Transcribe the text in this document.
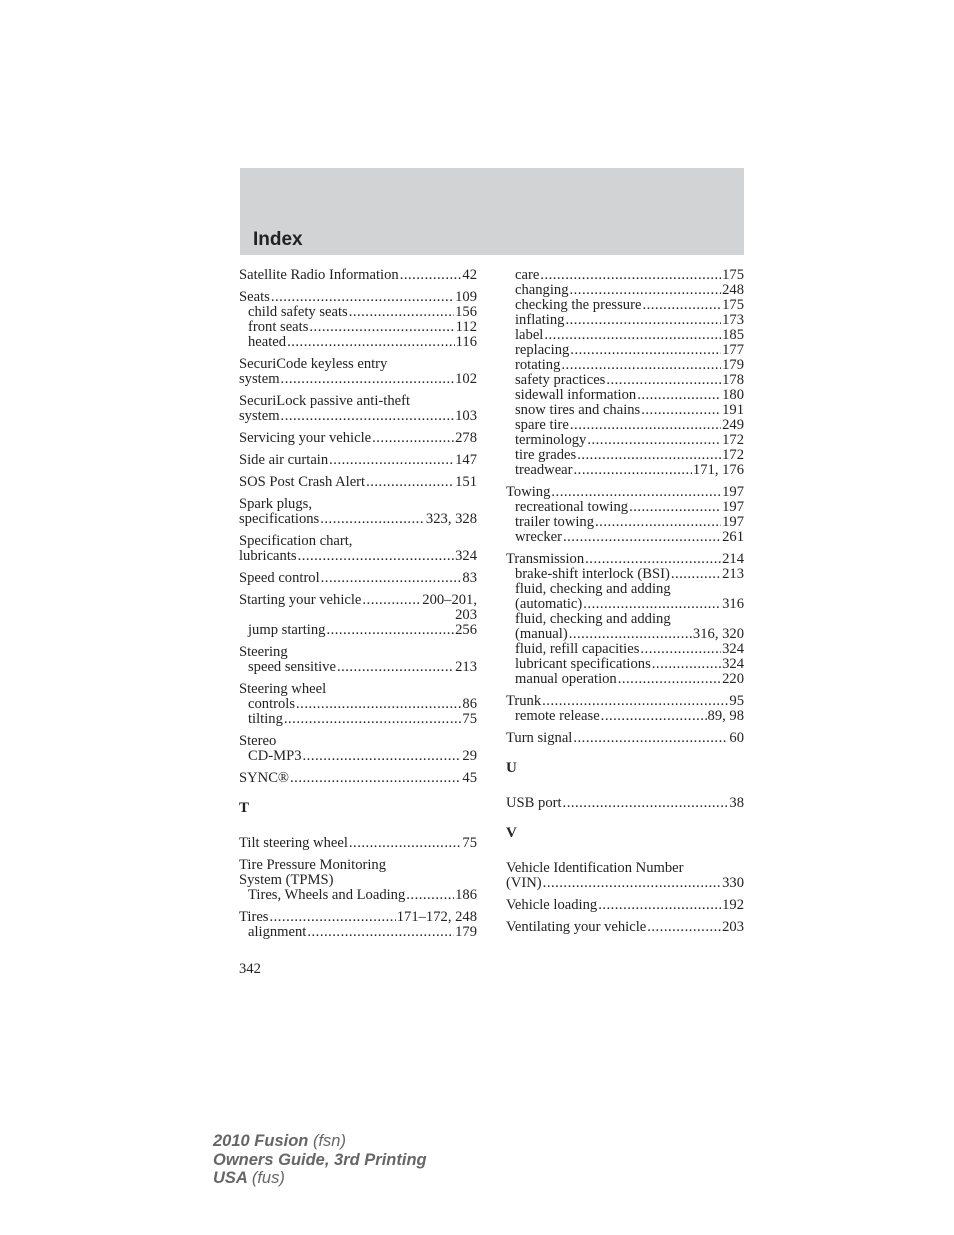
Index
Satellite Radio Information .....	42
Seats .....	109
child safety seats .....	156
front seats .....	112
heated .....	116
SecuriCode keyless entry
system .....	102
SecuriLock passive anti-theft
system .....	103
Servicing your vehicle .....	278
Side air curtain .....	147
SOS Post Crash Alert .....	151
Spark plugs,
specifications .....	323, 328
Specification chart,
lubricants .....	324
Speed control .....	83
Starting your vehicle .....	200–201,
203
jump starting .....	256
Steering
speed sensitive .....	213
Steering wheel
controls .....	86
tilting .....	75
Stereo
CD-MP3 .....	29
SYNC® .....	45
T
Tilt steering wheel .....	75
Tire Pressure Monitoring
System (TPMS)
Tires, Wheels and Loading .....	186
Tires .....	171–172, 248
alignment .....	179
care .....	175
changing .....	248
checking the pressure .....	175
inflating .....	173
label .....	185
replacing .....	177
rotating .....	179
safety practices .....	178
sidewall information .....	180
snow tires and chains .....	191
spare tire .....	249
terminology .....	172
tire grades .....	172
treadwear .....	171, 176
Towing .....	197
recreational towing .....	197
trailer towing .....	197
wrecker .....	261
Transmission .....	214
brake-shift interlock (BSI) .....	213
fluid, checking and adding
(automatic) .....	316
fluid, checking and adding
(manual) .....	316, 320
fluid, refill capacities .....	324
lubricant specifications .....	324
manual operation .....	220
Trunk .....	95
remote release .....	89, 98
Turn signal .....	60
U
USB port .....	38
V
Vehicle Identification Number
(VIN) .....	330
Vehicle loading .....	192
Ventilating your vehicle .....	203
342
2010 Fusion (fsn)
Owners Guide, 3rd Printing
USA (fus)
